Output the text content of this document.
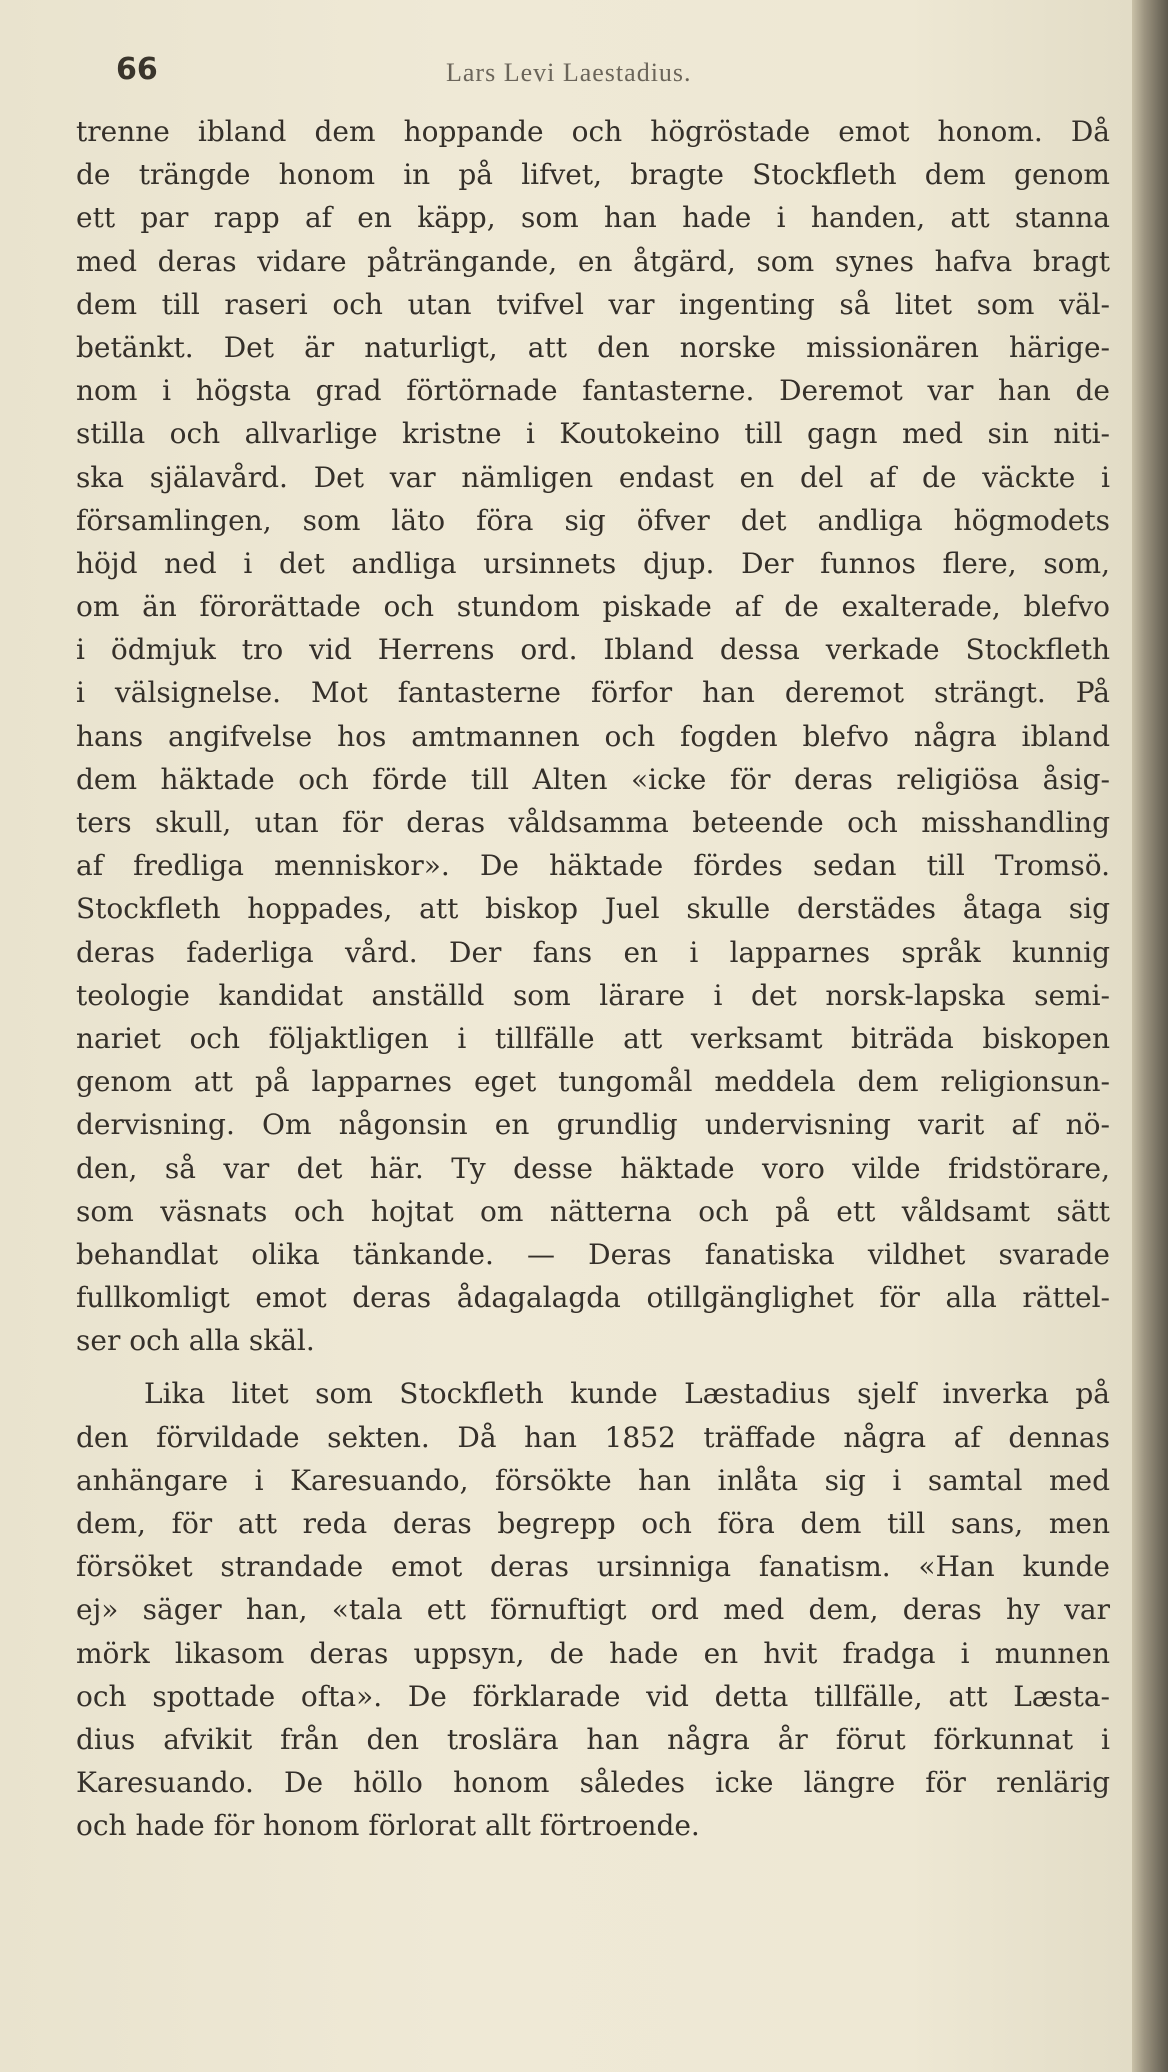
66	Lars Levi Laestadius.
trenne ibland dem hoppande och högröstade emot honom. Då
de trängde honom in på lifvet, bragte Stockfleth dem genom
ett par rapp af en käpp, som han hade i handen, att stanna
med deras vidare påträngande, en åtgärd, som synes hafva bragt
dem till raseri och utan tvifvel var ingenting så litet som väl-
betänkt. Det är naturligt, att den norske missionären härige-
nom i högsta grad förtörnade fantasterne. Deremot var han de
stilla och allvarlige kristne i Koutokeino till gagn med sin niti-
ska själavård. Det var nämligen endast en del af de väckte i
församlingen, som läto föra sig öfver det andliga högmodets
höjd ned i det andliga ursinnets djup. Der funnos flere, som,
om än förorättade och stundom piskade af de exalterade, blefvo
i ödmjuk tro vid Herrens ord. Ibland dessa verkade Stockfleth
i välsignelse. Mot fantasterne förfor han deremot strängt. På
hans angifvelse hos amtmannen och fogden blefvo några ibland
dem häktade och förde till Alten «icke för deras religiösa åsig-
ters skull, utan för deras våldsamma beteende och misshandling
af fredliga menniskor». De häktade fördes sedan till Tromsö.
Stockfleth hoppades, att biskop Juel skulle derstädes åtaga sig
deras faderliga vård. Der fans en i lapparnes språk kunnig
teologie kandidat anställd som lärare i det norsk-lapska semi-
nariet och följaktligen i tillfälle att verksamt biträda biskopen
genom att på lapparnes eget tungomål meddela dem religionsun-
dervisning. Om någonsin en grundlig undervisning varit af nö-
den, så var det här. Ty desse häktade voro vilde fridstörare,
som väsnats och hojtat om nätterna och på ett våldsamt sätt
behandlat olika tänkande. — Deras fanatiska vildhet svarade
fullkomligt emot deras ådagalagda otillgänglighet för alla rättel-
ser och alla skäl.
Lika litet som Stockfleth kunde Læstadius sjelf inverka på
den förvildade sekten. Då han 1852 träffade några af dennas
anhängare i Karesuando, försökte han inlåta sig i samtal med
dem, för att reda deras begrepp och föra dem till sans, men
försöket strandade emot deras ursinniga fanatism. «Han kunde
ej» säger han, «tala ett förnuftigt ord med dem, deras hy var
mörk likasom deras uppsyn, de hade en hvit fradga i munnen
och spottade ofta». De förklarade vid detta tillfälle, att Læsta-
dius afvikit från den troslära han några år förut förkunnat i
Karesuando. De höllo honom således icke längre för renlärig
och hade för honom förlorat allt förtroende.
